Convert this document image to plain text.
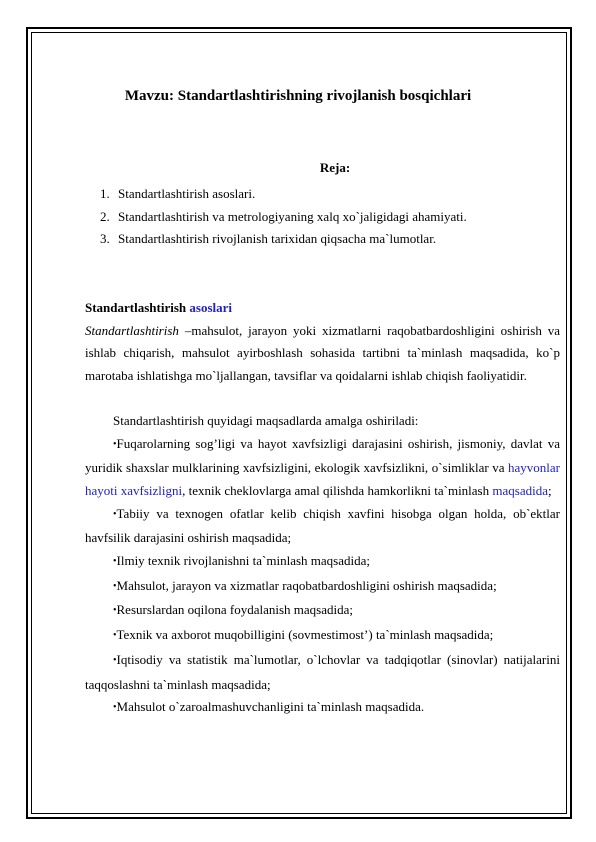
Mavzu: Standartlashtirishning rivojlanish bosqichlari
Reja:
1. Standartlashtirish asoslari.
2. Standartlashtirish va metrologiyaning xalq xo`jaligidagi ahamiyati.
3. Standartlashtirish rivojlanish tarixidan qiqsacha ma`lumotlar.

Standartlashtirish asoslari

Standartlashtirish –mahsulot, jarayon yoki xizmatlarni raqobatbardoshligini oshirish va ishlab chiqarish, mahsulot ayirboshlash sohasida tartibni ta`minlash maqsadida, ko`p marotaba ishlatishga mo`ljallangan, tavsiflar va qoidalarni ishlab chiqish faoliyatidir.

Standartlashtirish quyidagi maqsadlarda amalga oshiriladi:

•Fuqarolarning sog’ligi va hayot xavfsizligi darajasini oshirish, jismoniy, davlat va yuridik shaxslar mulklarining xavfsizligini, ekologik xavfsizlikni, o`simliklar va hayvonlar hayoti xavfsizligni, texnik cheklovlarga amal qilishda hamkorlikni ta`minlash maqsadida;

•Tabiiy va texnogen ofatlar kelib chiqish xavfini hisobga olgan holda, ob`ektlar havfsilik darajasini oshirish maqsadida;

•Ilmiy texnik rivojlanishni ta`minlash maqsadida;

•Mahsulot, jarayon va xizmatlar raqobatbardoshligini oshirish maqsadida;

•Resurslardan oqilona foydalanish maqsadida;

•Texnik va axborot muqobilligini (sovmestimost’) ta`minlash maqsadida;

•Iqtisodiy va statistik ma`lumotlar, o`lchovlar va tadqiqotlar (sinovlar) natijalarini taqqoslashni ta`minlash maqsadida;

•Mahsulot o`zaroalmashuvchanligini ta`minlash maqsadida.
